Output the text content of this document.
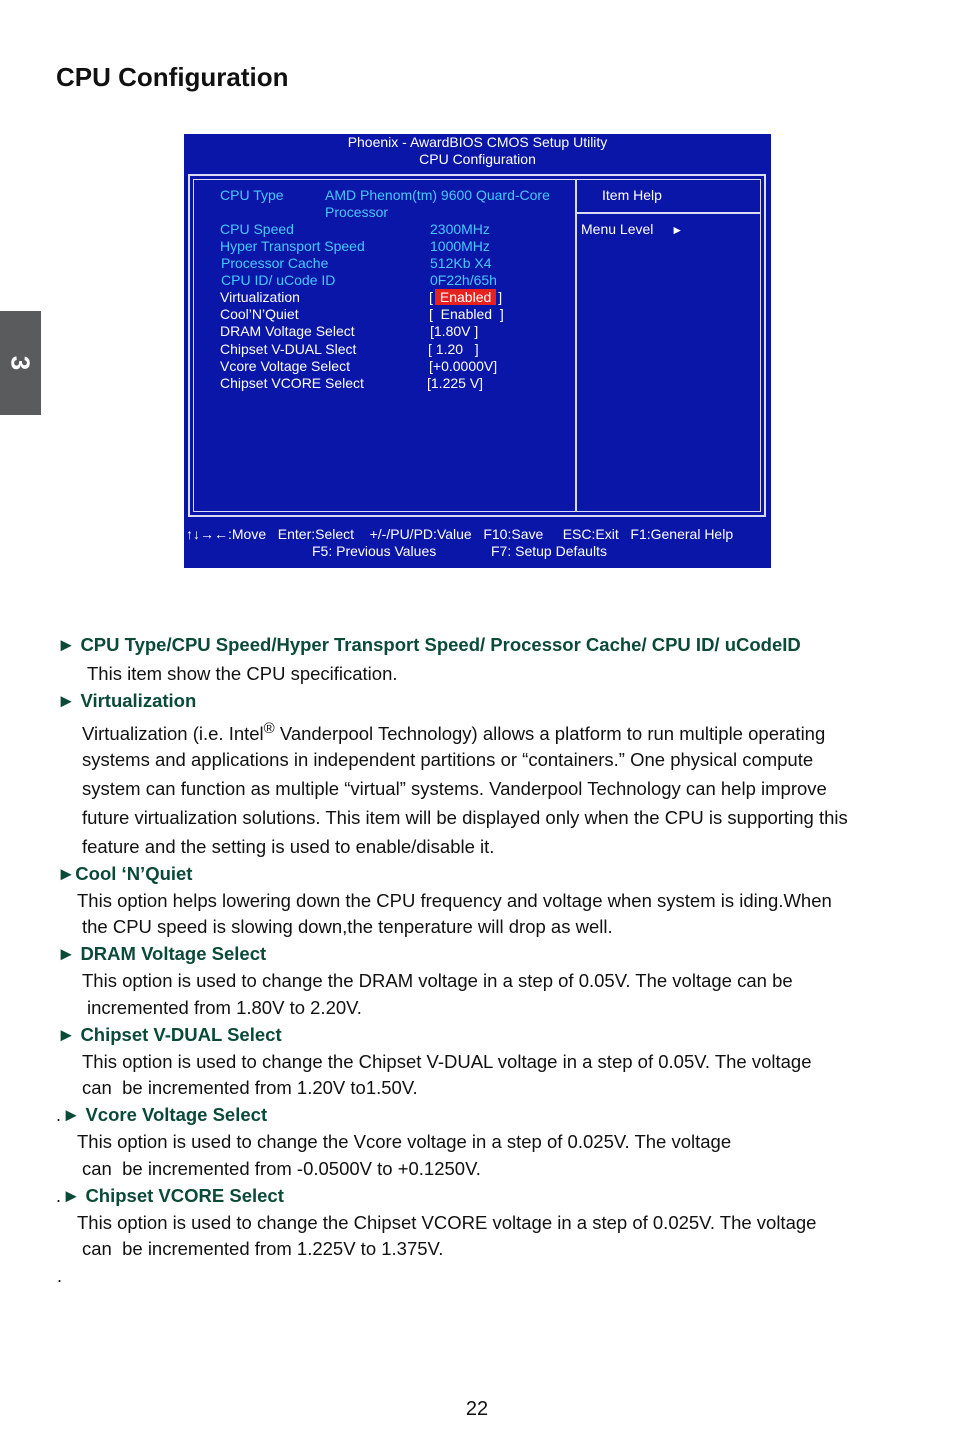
CPU Configuration
3
Phoenix - AwardBIOS CMOS Setup Utility
CPU Configuration
CPU Type	AMD Phenom(tm) 9600 Quard-Core
Processor
CPU Speed	2300MHz
Hyper Transport Speed	1000MHz
Processor Cache	512Kb X4
CPU ID/ uCode ID	0F22h/65h
Virtualization	[ Enabled ]
Cool’N’Quiet	[  Enabled  ]
DRAM Voltage Select	[1.80V ]
Chipset V-DUAL Slect	[ 1.20   ]
Vcore Voltage Select	[+0.0000V]
Chipset VCORE Select	[1.225 V]
Item Help
Menu Level ►
↑↓→←:Move   Enter:Select    +/-/PU/PD:Value   F10:Save     ESC:Exit   F1:General Help
F5: Previous Values	F7: Setup Defaults
► CPU Type/CPU Speed/Hyper Transport Speed/ Processor Cache/ CPU ID/ uCodeID
This item show the CPU specification.
► Virtualization
Virtualization (i.e. Intel® Vanderpool Technology) allows a platform to run multiple operating
systems and applications in independent partitions or “containers.” One physical compute
system can function as multiple “virtual” systems. Vanderpool Technology can help improve
future virtualization solutions. This item will be displayed only when the CPU is supporting this
feature and the setting is used to enable/disable it.
►Cool ‘N’Quiet
This option helps lowering down the CPU frequency and voltage when system is iding.When
the CPU speed is slowing down,the tenperature will drop as well.
► DRAM Voltage Select
This option is used to change the DRAM voltage in a step of 0.05V. The voltage can be
incremented from 1.80V to 2.20V.
► Chipset V-DUAL Select
This option is used to change the Chipset V-DUAL voltage in a step of 0.05V. The voltage
can  be incremented from 1.20V to1.50V.
. ► Vcore Voltage Select
This option is used to change the Vcore voltage in a step of 0.025V. The voltage
can  be incremented from -0.0500V to +0.1250V.
. ► Chipset VCORE Select
This option is used to change the Chipset VCORE voltage in a step of 0.025V. The voltage
can  be incremented from 1.225V to 1.375V.
.
22
